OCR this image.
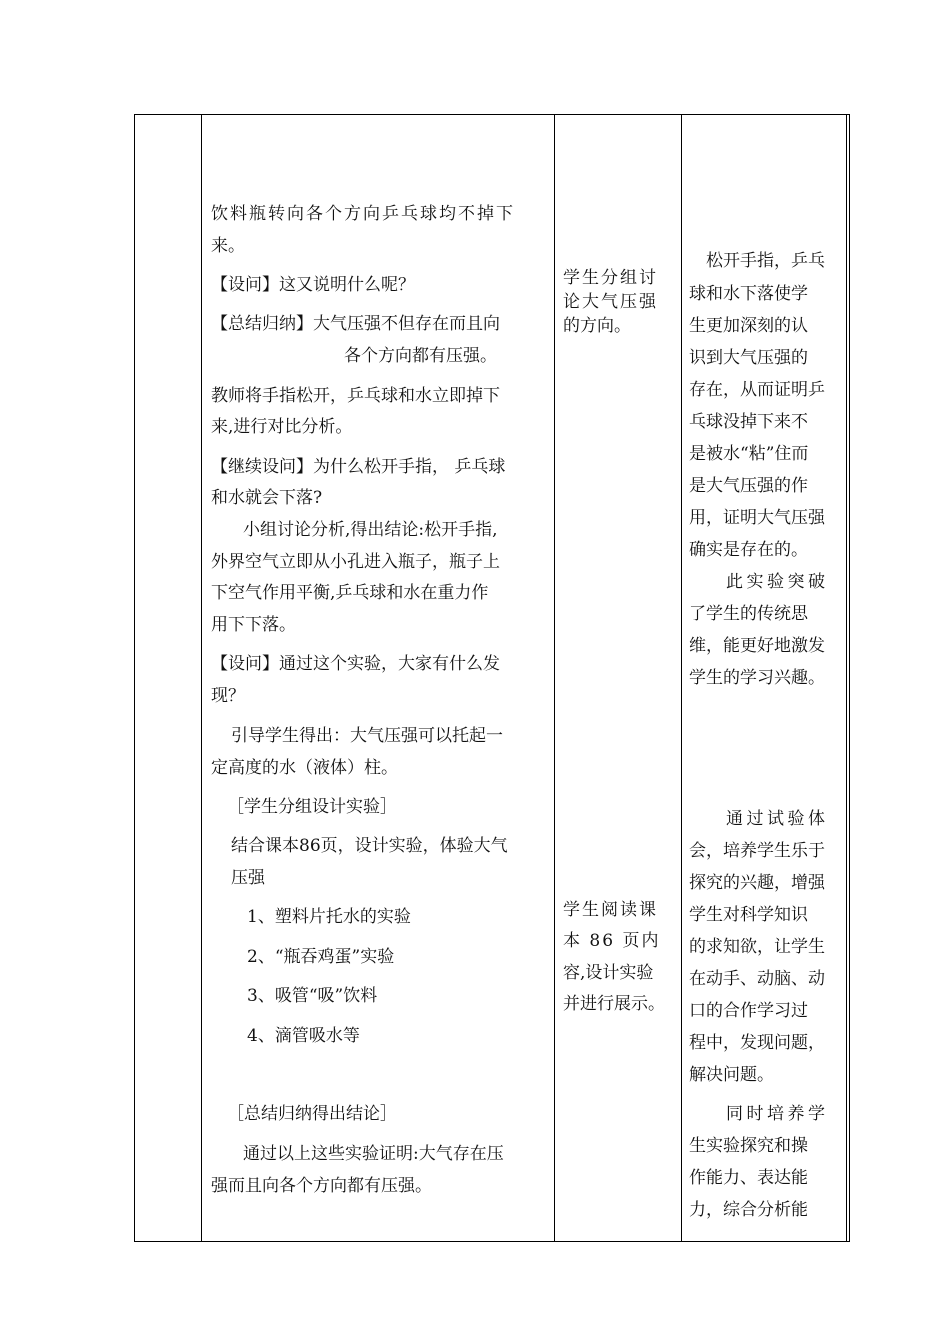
饮料瓶转向各个方向乒乓球均不掉下
来。
【设问】这又说明什么呢？
【总结归纳】大气压强不但存在而且向
各个方向都有压强。
教师将手指松开，乒乓球和水立即掉下
来,进行对比分析。
【继续设问】为什么松开手指， 乒乓球
和水就会下落?
小组讨论分析,得出结论:松开手指,
外界空气立即从小孔进入瓶子，瓶子上
下空气作用平衡,乒乓球和水在重力作
用下下落。
【设问】通过这个实验，大家有什么发
现？
引导学生得出：大气压强可以托起一
定高度的水（液体）柱。
［学生分组设计实验］
结合课本86页，设计实验，体验大气
压强
1、塑料片托水的实验
2、“瓶吞鸡蛋”实验
3、吸管“吸”饮料
4、滴管吸水等
［总结归纳得出结论］
通过以上这些实验证明:大气存在压
强而且向各个方向都有压强。
学生分组讨
论大气压强
的方向。
学生阅读课
本 86 页内
容,设计实验
并进行展示。
松开手指，乒乓
球和水下落使学
生更加深刻的认
识到大气压强的
存在，从而证明乒
乓球没掉下来不
是被水“粘”住而
是大气压强的作
用，证明大气压强
确实是存在的。
此实验突破
了学生的传统思
维，能更好地激发
学生的学习兴趣。
通过试验体
会，培养学生乐于
探究的兴趣，增强
学生对科学知识
的求知欲，让学生
在动手、动脑、动
口的合作学习过
程中，发现问题，
解决问题。
同时培养学
生实验探究和操
作能力、表达能
力，综合分析能
